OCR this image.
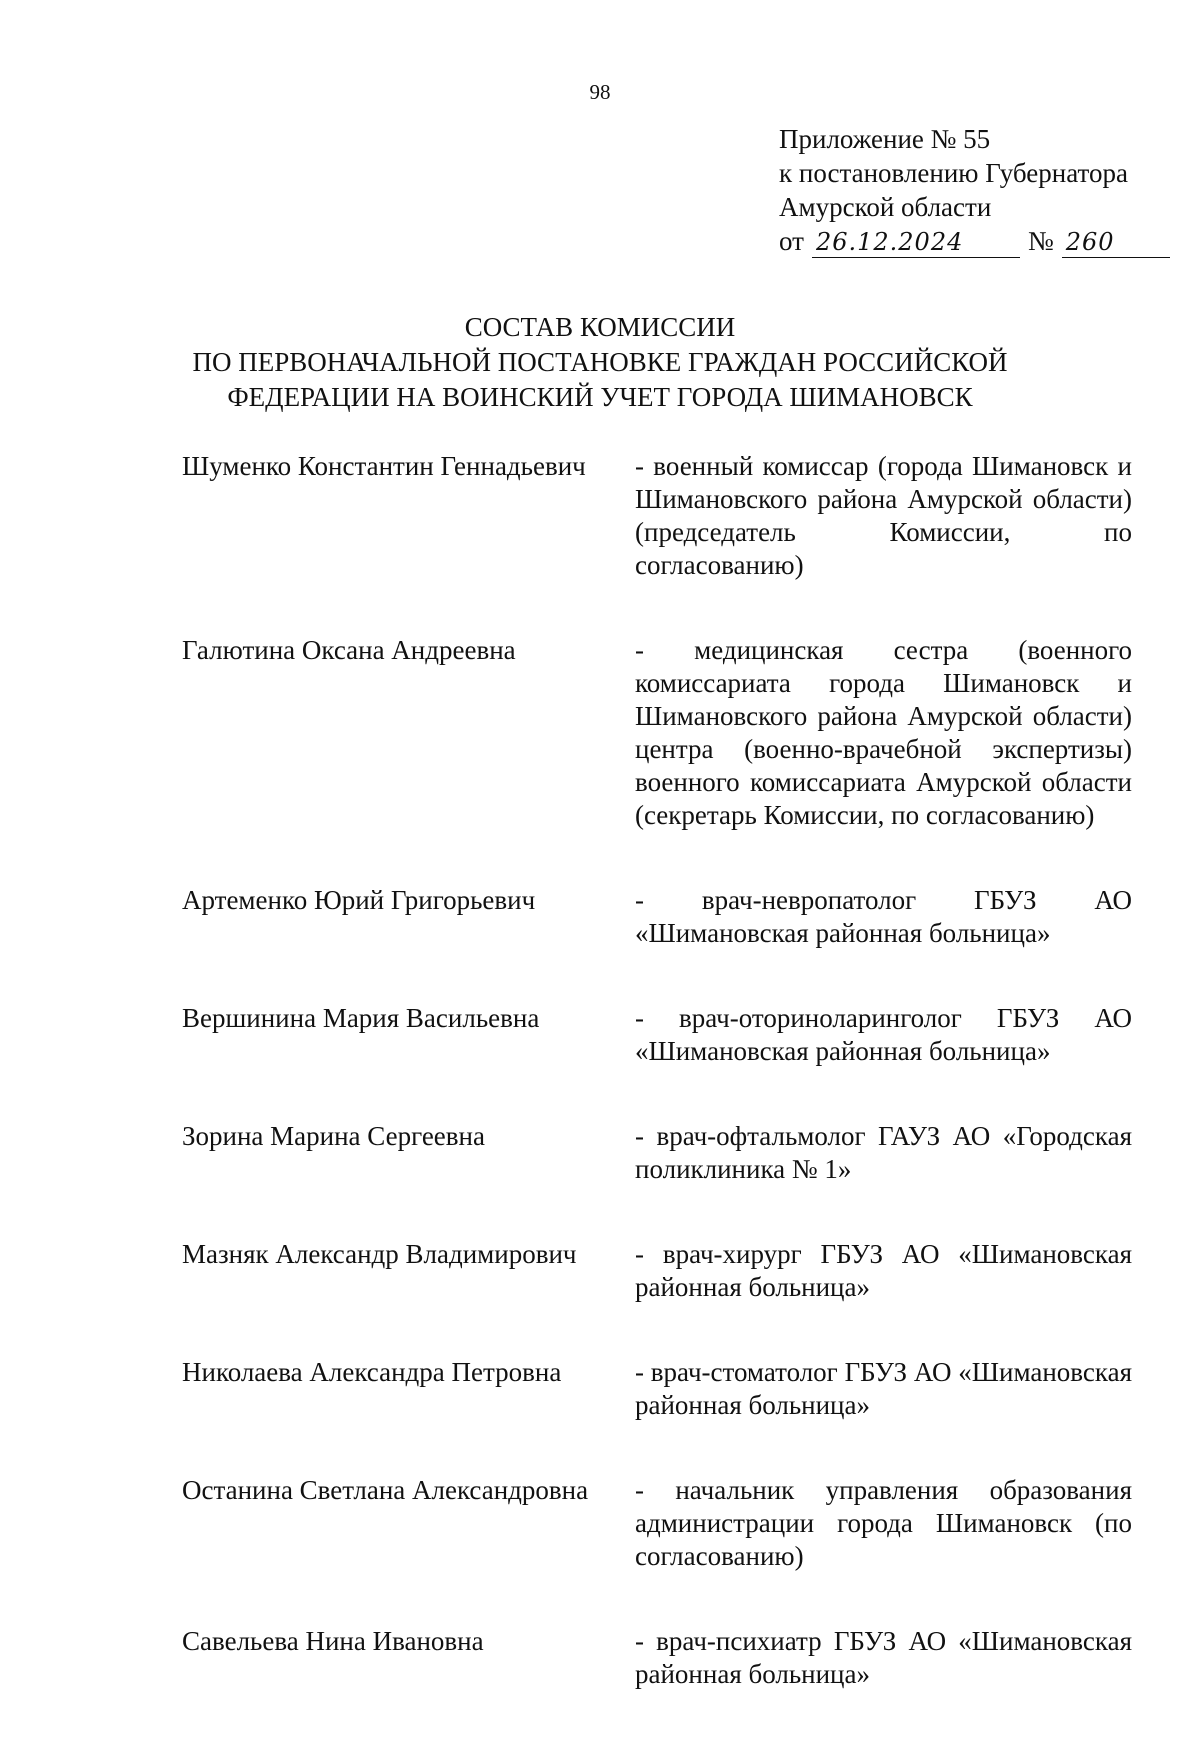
98
Приложение № 55
к постановлению Губернатора
Амурской области
от 26.12.2024	№ 260
СОСТАВ КОМИССИИ
ПО ПЕРВОНАЧАЛЬНОЙ ПОСТАНОВКЕ ГРАЖДАН РОССИЙСКОЙ
ФЕДЕРАЦИИ НА ВОИНСКИЙ УЧЕТ ГОРОДА ШИМАНОВСК
Шуменко Константин Геннадьевич	- военный комиссар (города Шимановск и Шимановского района Амурской области) (председатель Комиссии, по согласованию)
Галютина Оксана Андреевна	- медицинская сестра (военного комиссариата города Шимановск и Шимановского района Амурской области) центра (военно-врачебной экспертизы) военного комиссариата Амурской области (секретарь Комиссии, по согласованию)
Артеменко Юрий Григорьевич	- врач-невропатолог ГБУЗ АО «Шимановская районная больница»
Вершинина Мария Васильевна	- врач-оториноларинголог ГБУЗ АО «Шимановская районная больница»
Зорина Марина Сергеевна	- врач-офтальмолог ГАУЗ АО «Городская поликлиника № 1»
Мазняк Александр Владимирович	- врач-хирург ГБУЗ АО «Шимановская районная больница»
Николаева Александра Петровна	- врач-стоматолог ГБУЗ АО «Шимановская районная больница»
Останина Светлана Александровна	- начальник управления образования администрации города Шимановск (по согласованию)
Савельева Нина Ивановна	- врач-психиатр ГБУЗ АО «Шимановская районная больница»
